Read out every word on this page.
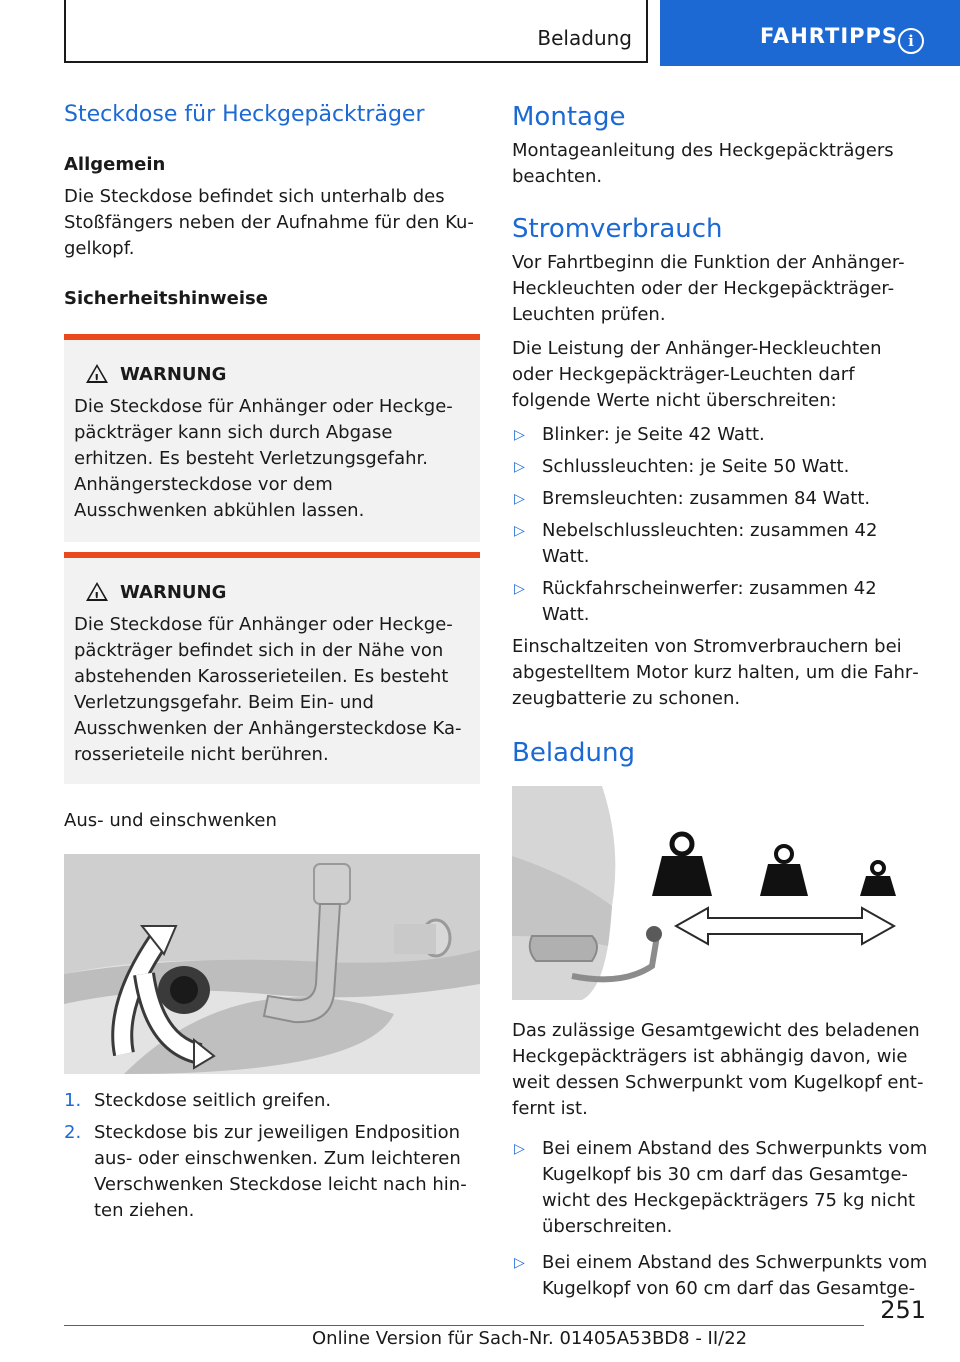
Beladung	FAHRTIPPS i
Steckdose für Heckgepäckträger
Allgemein

Die Steckdose befindet sich unterhalb des Stoßfängers neben der Aufnahme für den Kugelkopf.

Sicherheitshinweise
! WARNUNG

Die Steckdose für Anhänger oder Heckgepäckträger kann sich durch Abgase erhitzen. Es besteht Verletzungsgefahr. Anhängersteckdose vor dem Ausschwenken abkühlen lassen.

! WARNUNG

Die Steckdose für Anhänger oder Heckgepäckträger befindet sich in der Nähe von abstehenden Karosserieteilen. Es besteht Verletzungsgefahr. Beim Ein- und Ausschwenken der Anhängersteckdose Karosserieteile nicht berühren.

Aus- und einschwenken
1. Steckdose seitlich greifen.
2. Steckdose bis zur jeweiligen Endposition aus- oder einschwenken. Zum leichteren Verschwenken Steckdose leicht nach hinten ziehen.
Montage

Montageanleitung des Heckgepäckträgers beachten.

Stromverbrauch

Vor Fahrtbeginn die Funktion der Anhänger-Heckleuchten oder der Heckgepäckträger-Leuchten prüfen.

Die Leistung der Anhänger-Heckleuchten oder Heckgepäckträger-Leuchten darf folgende Werte nicht überschreiten:

▷ Blinker: je Seite 42 Watt.
▷ Schlussleuchten: je Seite 50 Watt.
▷ Bremsleuchten: zusammen 84 Watt.
▷ Nebelschlussleuchten: zusammen 42 Watt.
▷ Rückfahrscheinwerfer: zusammen 42 Watt.

Einschaltzeiten von Stromverbrauchern bei abgestelltem Motor kurz halten, um die Fahrzeugbatterie zu schonen.

Beladung

Das zulässige Gesamtgewicht des beladenen Heckgepäckträgers ist abhängig davon, wie weit dessen Schwerpunkt vom Kugelkopf entfernt ist.

▷ Bei einem Abstand des Schwerpunkts vom Kugelkopf bis 30 cm darf das Gesamtgewicht des Heckgepäckträgers 75 kg nicht überschreiten.
▷ Bei einem Abstand des Schwerpunkts vom Kugelkopf von 60 cm darf das Gesamtge-
251
Online Version für Sach-Nr. 01405A53BD8 - II/22
